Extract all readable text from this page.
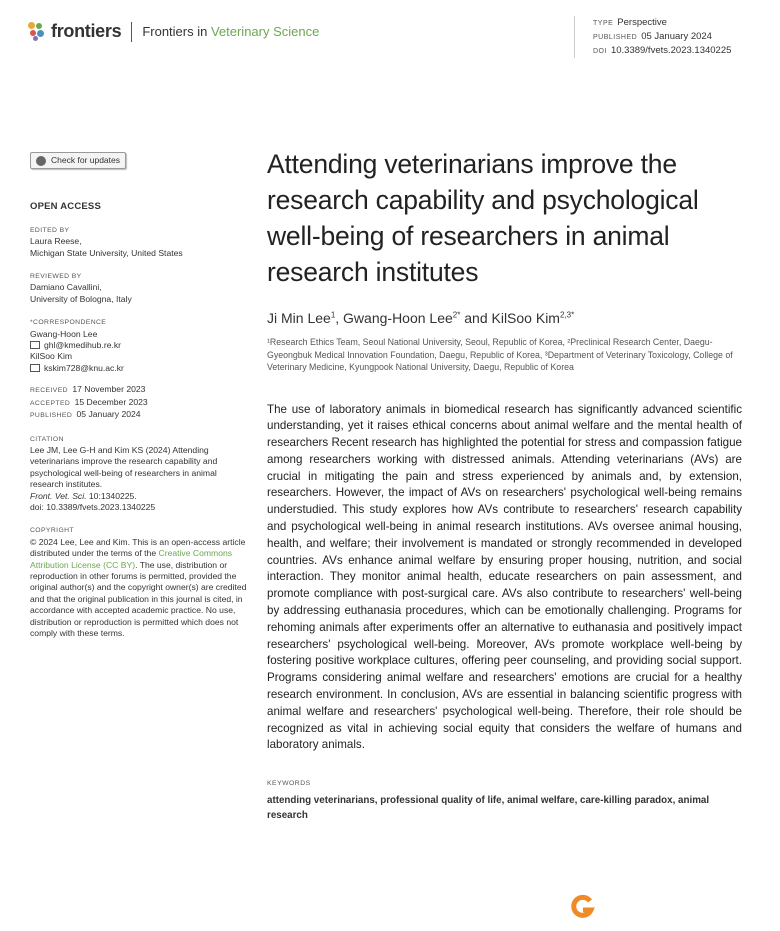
frontiers Frontiers in Veterinary Science
TYPE Perspective
PUBLISHED 05 January 2024
DOI 10.3389/fvets.2023.1340225
Check for updates
OPEN ACCESS
EDITED BY
Laura Reese,
Michigan State University, United States
REVIEWED BY
Damiano Cavallini,
University of Bologna, Italy
*CORRESPONDENCE
Gwang-Hoon Lee
ghl@kmedihub.re.kr
KilSoo Kim
kskim728@knu.ac.kr
RECEIVED 17 November 2023
ACCEPTED 15 December 2023
PUBLISHED 05 January 2024
CITATION
Lee JM, Lee G-H and Kim KS (2024) Attending veterinarians improve the research capability and psychological well-being of researchers in animal research institutes.
Front. Vet. Sci. 10:1340225.
doi: 10.3389/fvets.2023.1340225
COPYRIGHT
© 2024 Lee, Lee and Kim. This is an open-access article distributed under the terms of the Creative Commons Attribution License (CC BY). The use, distribution or reproduction in other forums is permitted, provided the original author(s) and the copyright owner(s) are credited and that the original publication in this journal is cited, in accordance with accepted academic practice. No use, distribution or reproduction is permitted which does not comply with these terms.
Attending veterinarians improve the research capability and psychological well-being of researchers in animal research institutes
Ji Min Lee$^1$, Gwang-Hoon Lee$^{2*}$ and KilSoo Kim$^{2,3*}$
¹Research Ethics Team, Seoul National University, Seoul, Republic of Korea, ²Preclinical Research Center, Daegu-Gyeongbuk Medical Innovation Foundation, Daegu, Republic of Korea, ³Department of Veterinary Toxicology, College of Veterinary Medicine, Kyungpook National University, Daegu, Republic of Korea
The use of laboratory animals in biomedical research has significantly advanced scientific understanding, yet it raises ethical concerns about animal welfare and the mental health of researchers Recent research has highlighted the potential for stress and compassion fatigue among researchers working with distressed animals. Attending veterinarians (AVs) are crucial in mitigating the pain and stress experienced by animals and, by extension, researchers. However, the impact of AVs on researchers' psychological well-being remains understudied. This study explores how AVs contribute to researchers' research capability and psychological well-being in animal research institutions. AVs oversee animal housing, health, and welfare; their involvement is mandated or strongly recommended in developed countries. AVs enhance animal welfare by ensuring proper housing, nutrition, and social interaction. They monitor animal health, educate researchers on pain assessment, and promote compliance with post-surgical care. AVs also contribute to researchers' well-being by addressing euthanasia procedures, which can be emotionally challenging. Programs for rehoming animals after experiments offer an alternative to euthanasia and positively impact researchers' psychological well-being. Moreover, AVs promote workplace well-being by fostering positive workplace cultures, offering peer counseling, and providing social support. Programs considering animal welfare and researchers' emotions are crucial for a healthy research environment. In conclusion, AVs are essential in balancing scientific progress with animal welfare and researchers' psychological well-being. Therefore, their role should be recognized as vital in achieving social equity that considers the welfare of humans and laboratory animals.
KEYWORDS
attending veterinarians, professional quality of life, animal welfare, care-killing paradox, animal research
